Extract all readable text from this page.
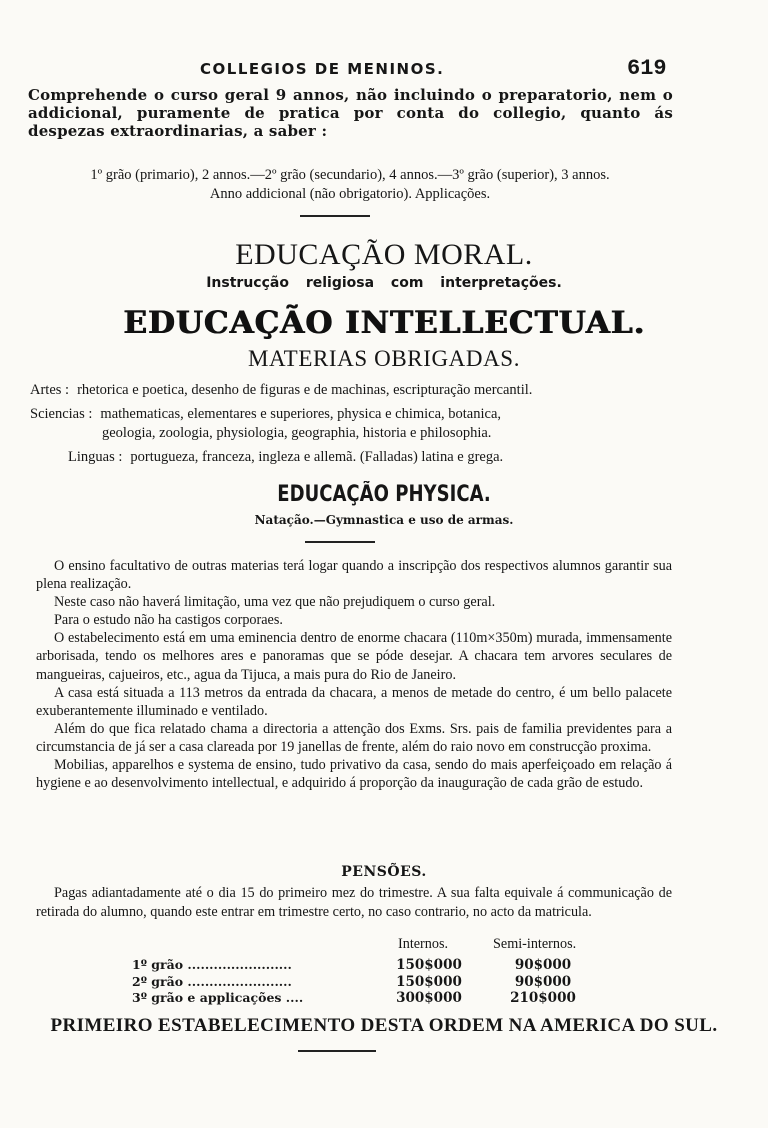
COLLEGIOS DE MENINOS.	619
Comprehende o curso geral 9 annos, não incluindo o preparatorio, nem o addicional, puramente de pratica por conta do collegio, quanto ás despezas extraordinarias, a saber :
1º grão (primario), 2 annos.—2º grão (secundario), 4 annos.—3º grão (superior), 3 annos.
Anno addicional (não obrigatorio). Applicações.
EDUCAÇÃO MORAL.
Instrucção religiosa com interpretações.
EDUCAÇÃO INTELLECTUAL.
MATERIAS OBRIGADAS.
Artes : rhetorica e poetica, desenho de figuras e de machinas, escripturação mercantil.
Sciencias : mathematicas, elementares e superiores, physica e chimica, botanica,
geologia, zoologia, physiologia, geographia, historia e philosophia.
Linguas : portugueza, franceza, ingleza e allemã. (Falladas) latina e grega.
EDUCAÇÃO PHYSICA.
Natação.—Gymnastica e uso de armas.

O ensino facultativo de outras materias terá logar quando a inscripção dos respectivos alumnos garantir sua plena realização.

Neste caso não haverá limitação, uma vez que não prejudiquem o curso geral.

Para o estudo não ha castigos corporaes.

O estabelecimento está em uma eminencia dentro de enorme chacara (110m×350m) murada, immensamente arborisada, tendo os melhores ares e panoramas que se póde desejar. A chacara tem arvores seculares de mangueiras, cajueiros, etc., agua da Tijuca, a mais pura do Rio de Janeiro.

A casa está situada a 113 metros da entrada da chacara, a menos de metade do centro, é um bello palacete exuberantemente illuminado e ventilado.

Além do que fica relatado chama a directoria a attenção dos Exms. Srs. pais de familia previdentes para a circumstancia de já ser a casa clareada por 19 janellas de frente, além do raio novo em construcção proxima.

Mobilias, apparelhos e systema de ensino, tudo privativo da casa, sendo do mais aperfeiçoado em relação á hygiene e ao desenvolvimento intellectual, e adquirido á proporção da inauguração de cada grão de estudo.

PENSÕES.

Pagas adiantadamente até o dia 15 do primeiro mez do trimestre. A sua falta equivale á communicação de retirada do alumno, quando este entrar em trimestre certo, no caso contrario, no acto da matricula.

Internos.	Semi-internos.
1º grão ........................	150$000	90$000
2º grão ........................	150$000	90$000
3º grão e applicações ....	300$000	210$000
PRIMEIRO ESTABELECIMENTO DESTA ORDEM NA AMERICA DO SUL.
